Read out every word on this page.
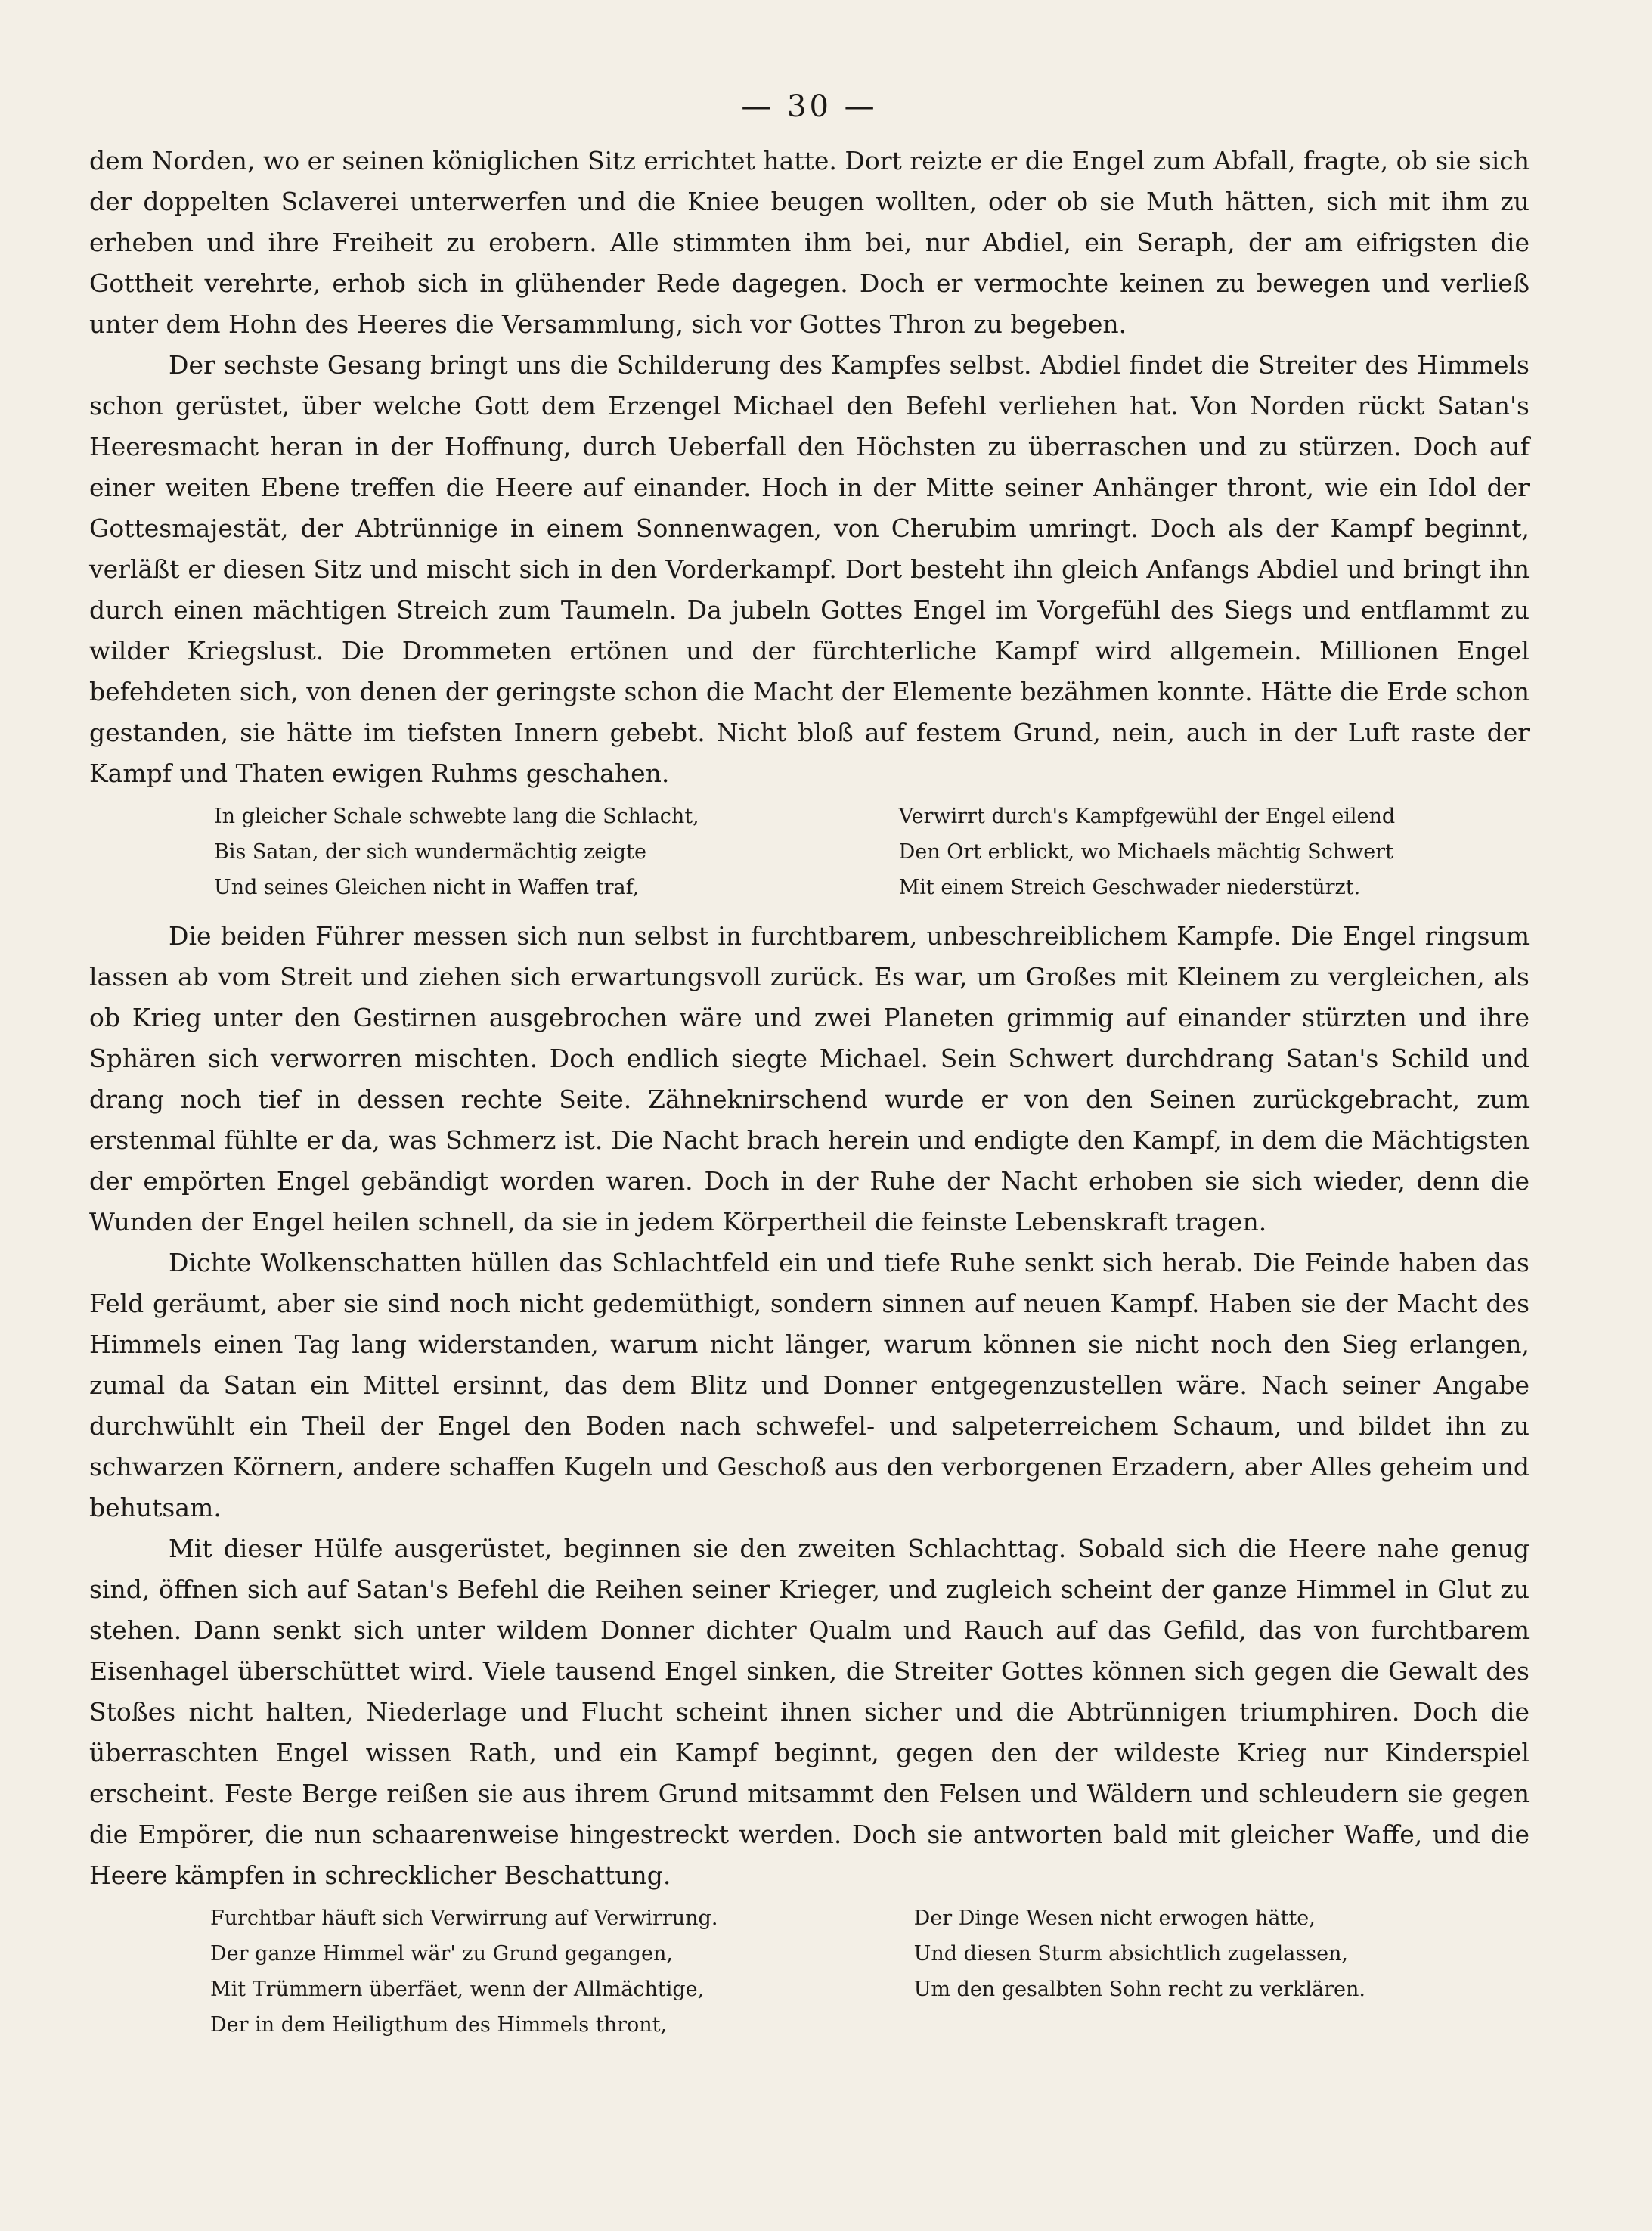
— 30 —

dem Norden, wo er seinen königlichen Sitz errichtet hatte. Dort reizte er die Engel zum Abfall, fragte, ob sie sich der doppelten Sclaverei unterwerfen und die Kniee beugen wollten, oder ob sie Muth hätten, sich mit ihm zu erheben und ihre Freiheit zu erobern. Alle stimmten ihm bei, nur Abdiel, ein Seraph, der am eifrigsten die Gottheit verehrte, erhob sich in glühender Rede dagegen. Doch er vermochte keinen zu bewegen und verließ unter dem Hohn des Heeres die Versammlung, sich vor Gottes Thron zu begeben.

Der sechste Gesang bringt uns die Schilderung des Kampfes selbst. Abdiel findet die Streiter des Himmels schon gerüstet, über welche Gott dem Erzengel Michael den Befehl verliehen hat. Von Norden rückt Satan's Heeresmacht heran in der Hoffnung, durch Ueberfall den Höchsten zu überraschen und zu stürzen. Doch auf einer weiten Ebene treffen die Heere auf einander. Hoch in der Mitte seiner Anhänger thront, wie ein Idol der Gottesmajestät, der Abtrünnige in einem Sonnenwagen, von Cherubim umringt. Doch als der Kampf beginnt, verläßt er diesen Sitz und mischt sich in den Vorderkampf. Dort besteht ihn gleich Anfangs Abdiel und bringt ihn durch einen mächtigen Streich zum Taumeln. Da jubeln Gottes Engel im Vorgefühl des Siegs und entflammt zu wilder Kriegslust. Die Drommeten ertönen und der fürchterliche Kampf wird allgemein. Millionen Engel befehdeten sich, von denen der geringste schon die Macht der Elemente bezähmen konnte. Hätte die Erde schon gestanden, sie hätte im tiefsten Innern gebebt. Nicht bloß auf festem Grund, nein, auch in der Luft raste der Kampf und Thaten ewigen Ruhms geschahen.

In gleicher Schale schwebte lang die Schlacht,

Bis Satan, der sich wundermächtig zeigte

Und seines Gleichen nicht in Waffen traf,

Verwirrt durch's Kampfgewühl der Engel eilend

Den Ort erblickt, wo Michaels mächtig Schwert

Mit einem Streich Geschwader niederstürzt.

Die beiden Führer messen sich nun selbst in furchtbarem, unbeschreiblichem Kampfe. Die Engel ringsum lassen ab vom Streit und ziehen sich erwartungsvoll zurück. Es war, um Großes mit Kleinem zu vergleichen, als ob Krieg unter den Gestirnen ausgebrochen wäre und zwei Planeten grimmig auf einander stürzten und ihre Sphären sich verworren mischten. Doch endlich siegte Michael. Sein Schwert durchdrang Satan's Schild und drang noch tief in dessen rechte Seite. Zähneknirschend wurde er von den Seinen zurückgebracht, zum erstenmal fühlte er da, was Schmerz ist. Die Nacht brach herein und endigte den Kampf, in dem die Mächtigsten der empörten Engel gebändigt worden waren. Doch in der Ruhe der Nacht erhoben sie sich wieder, denn die Wunden der Engel heilen schnell, da sie in jedem Körpertheil die feinste Lebenskraft tragen.

Dichte Wolkenschatten hüllen das Schlachtfeld ein und tiefe Ruhe senkt sich herab. Die Feinde haben das Feld geräumt, aber sie sind noch nicht gedemüthigt, sondern sinnen auf neuen Kampf. Haben sie der Macht des Himmels einen Tag lang widerstanden, warum nicht länger, warum können sie nicht noch den Sieg erlangen, zumal da Satan ein Mittel ersinnt, das dem Blitz und Donner entgegenzustellen wäre. Nach seiner Angabe durchwühlt ein Theil der Engel den Boden nach schwefel- und salpeterreichem Schaum, und bildet ihn zu schwarzen Körnern, andere schaffen Kugeln und Geschoß aus den verborgenen Erzadern, aber Alles geheim und behutsam.

Mit dieser Hülfe ausgerüstet, beginnen sie den zweiten Schlachttag. Sobald sich die Heere nahe genug sind, öffnen sich auf Satan's Befehl die Reihen seiner Krieger, und zugleich scheint der ganze Himmel in Glut zu stehen. Dann senkt sich unter wildem Donner dichter Qualm und Rauch auf das Gefild, das von furchtbarem Eisenhagel überschüttet wird. Viele tausend Engel sinken, die Streiter Gottes können sich gegen die Gewalt des Stoßes nicht halten, Niederlage und Flucht scheint ihnen sicher und die Abtrünnigen triumphiren. Doch die überraschten Engel wissen Rath, und ein Kampf beginnt, gegen den der wildeste Krieg nur Kinderspiel erscheint. Feste Berge reißen sie aus ihrem Grund mitsammt den Felsen und Wäldern und schleudern sie gegen die Empörer, die nun schaarenweise hingestreckt werden. Doch sie antworten bald mit gleicher Waffe, und die Heere kämpfen in schrecklicher Beschattung.

Furchtbar häuft sich Verwirrung auf Verwirrung.

Der ganze Himmel wär' zu Grund gegangen,

Mit Trümmern überfäet, wenn der Allmächtige,

Der in dem Heiligthum des Himmels thront,

Der Dinge Wesen nicht erwogen hätte,

Und diesen Sturm absichtlich zugelassen,

Um den gesalbten Sohn recht zu verklären.
